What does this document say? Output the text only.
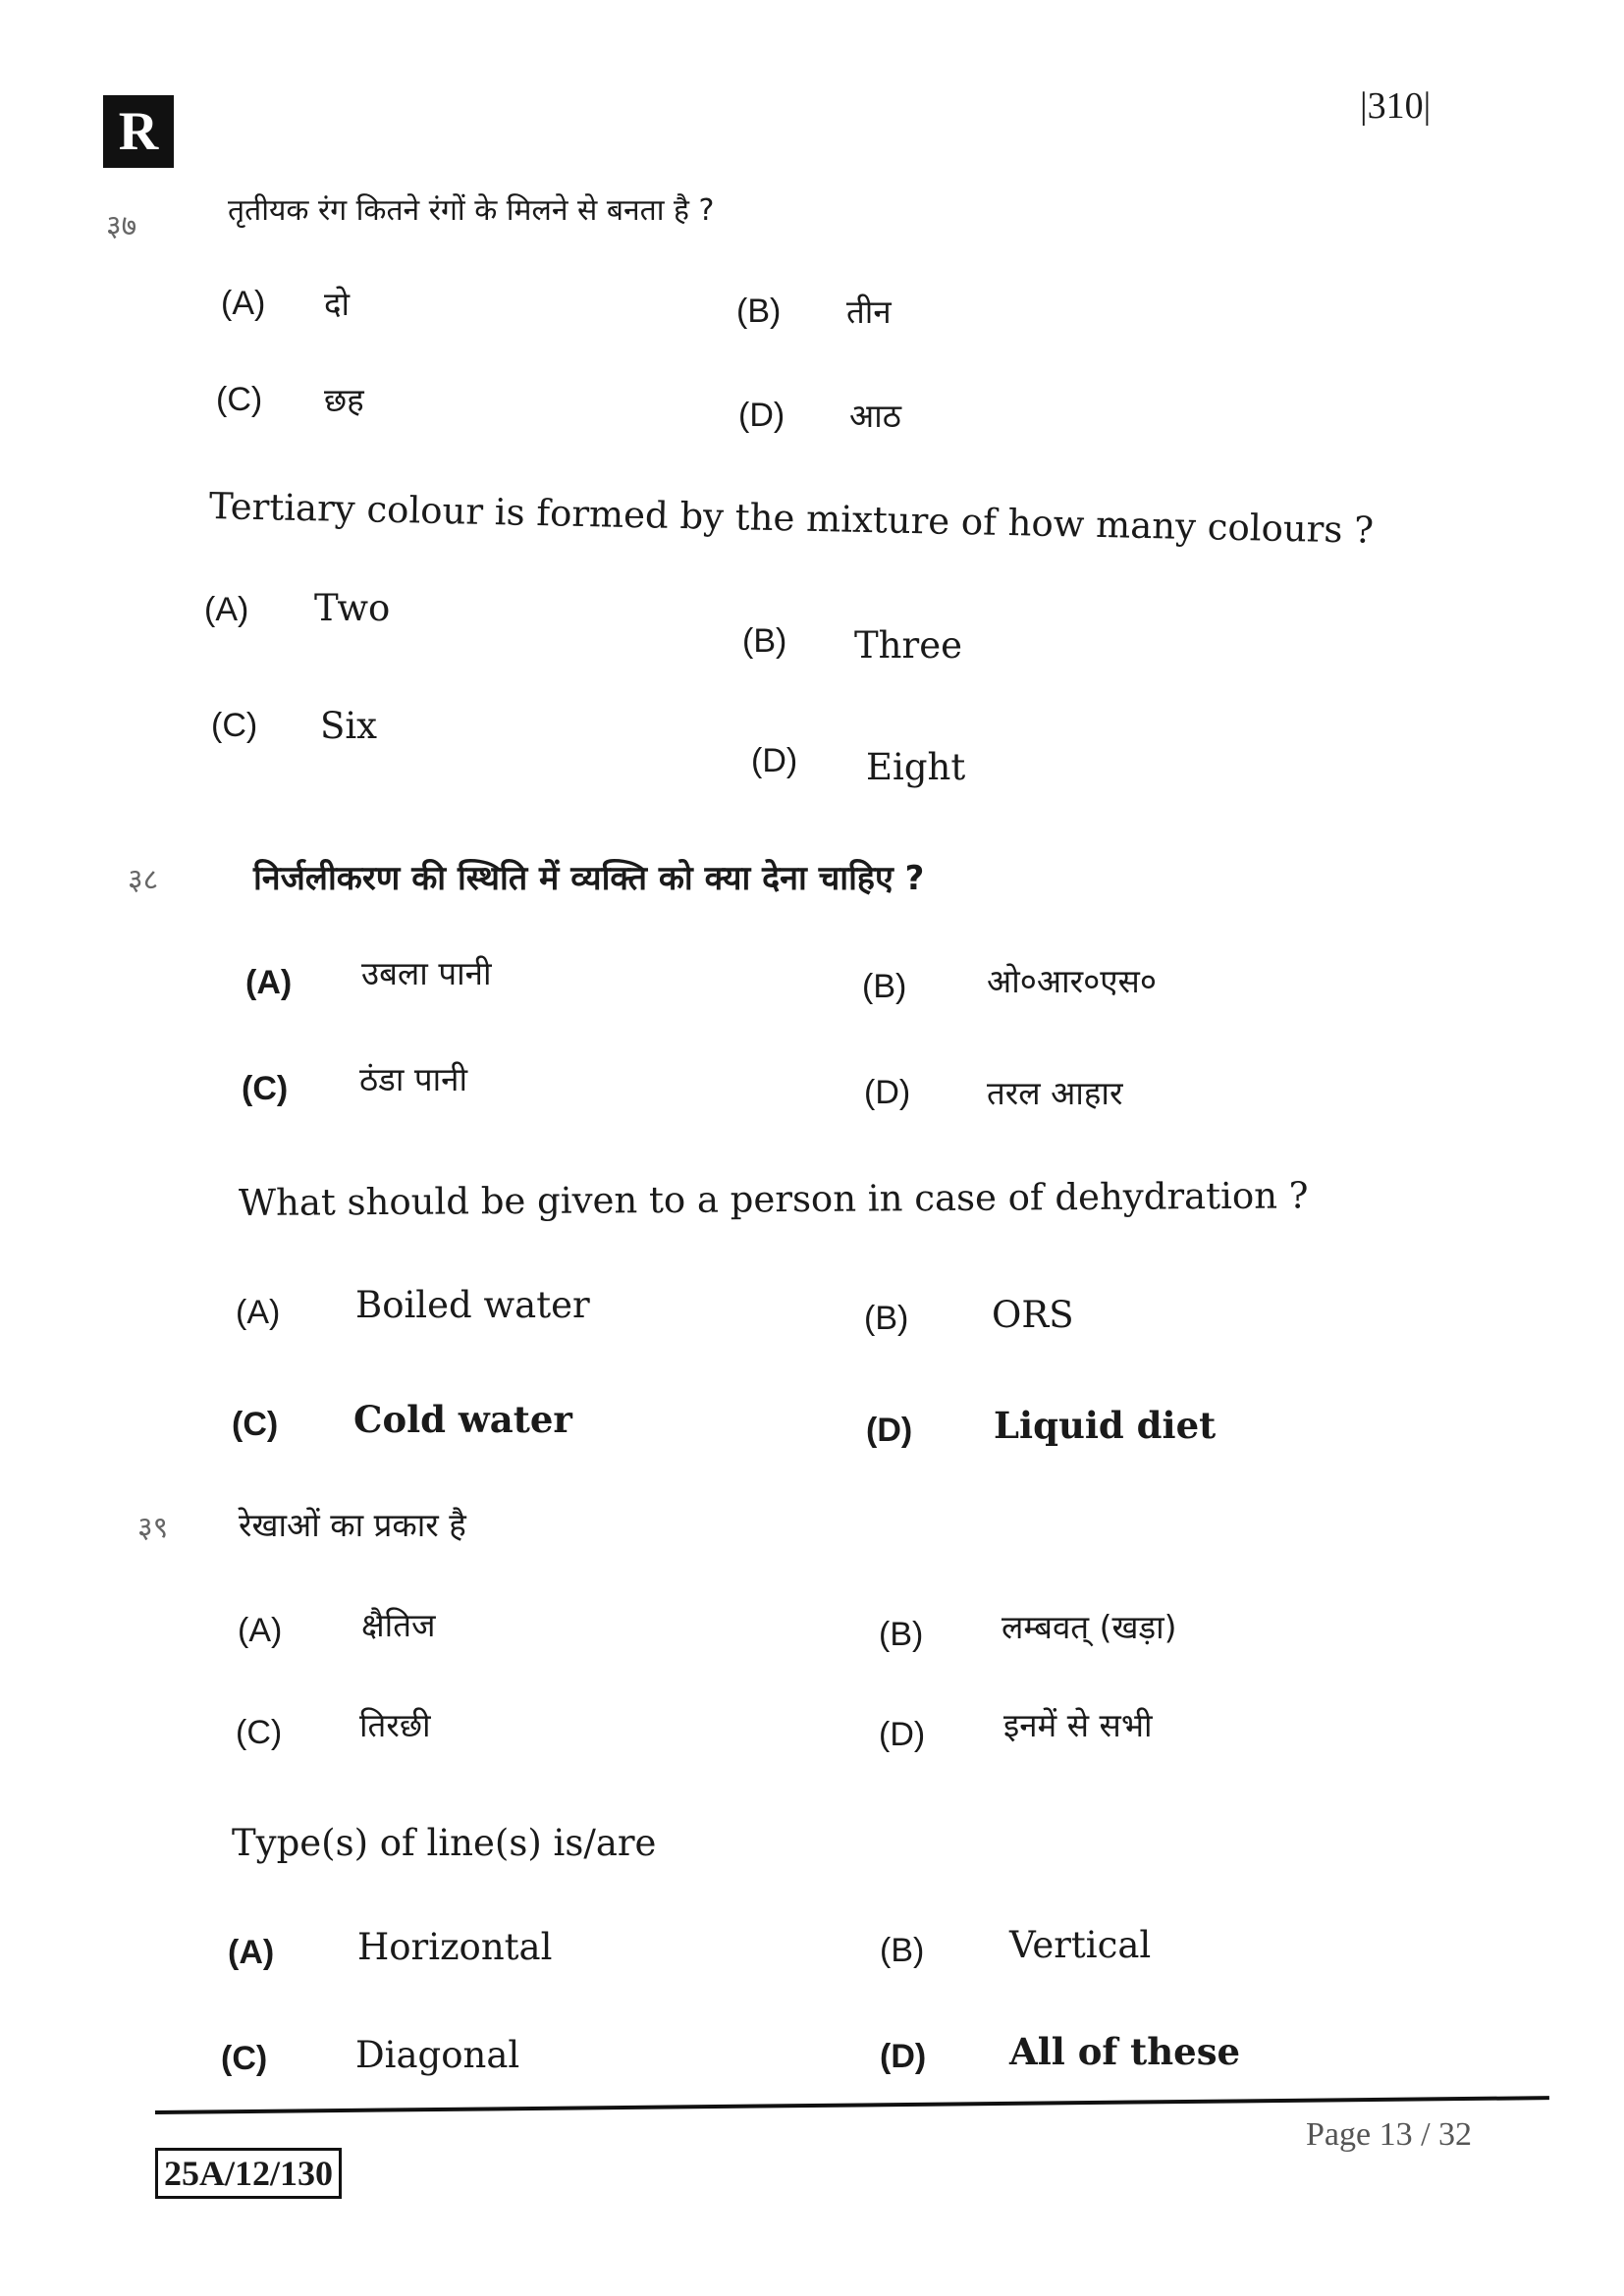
R	|310|
३७	तृतीयक रंग कितने रंगों के मिलने से बनता है ?
(A) दो	(B) तीन
(C) छह	(D) आठ
Tertiary colour is formed by the mixture of how many colours ?
(A) Two
(B) Three
(C) Six
(D) Eight
३८	निर्जलीकरण की स्थिति में व्यक्ति को क्या देना चाहिए ?
(A) उबला पानी	(B) ओ०आर०एस०
(C) ठंडा पानी	(D) तरल आहार
What should be given to a person in case of dehydration ?
(A) Boiled water	(B) ORS
(C) Cold water	(D) Liquid diet
३९ रेखाओं का प्रकार है
(A) क्षैतिज	(B) लम्बवत् (खड़ा)
(C) तिरछी	(D) इनमें से सभी
Type(s) of line(s) is/are
(A) Horizontal	(B) Vertical
(C) Diagonal	(D) All of these
25A/12/130
Page 13 / 32
